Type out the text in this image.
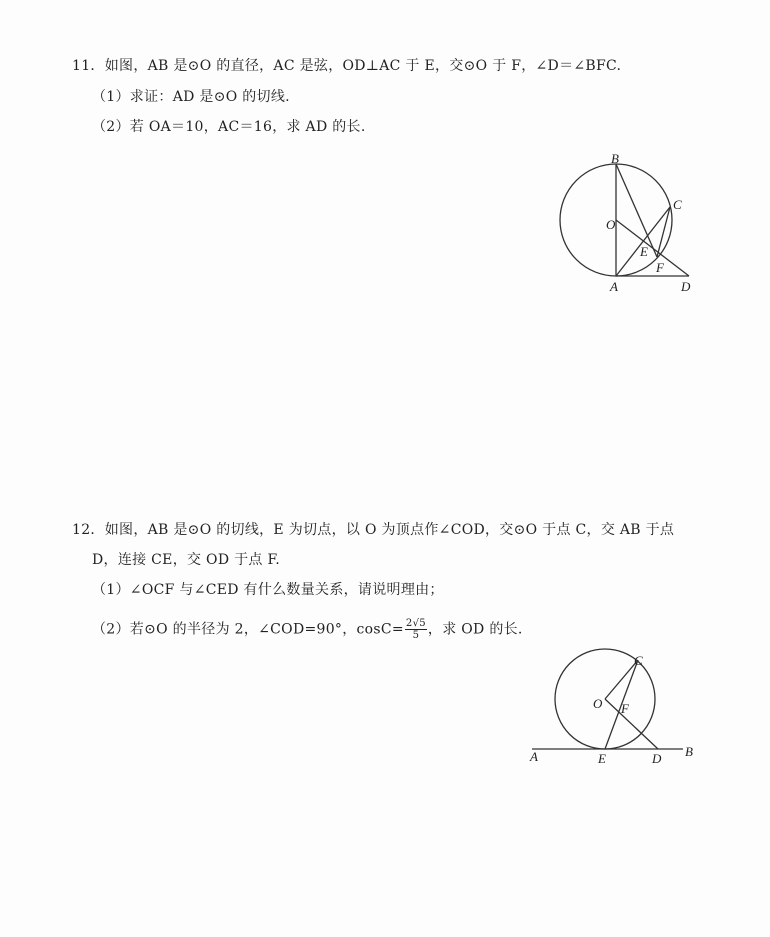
11．如图，AB 是⊙O 的直径，AC 是弦，OD⊥AC 于 E，交⊙O 于 F，∠D＝∠BFC.
（1）求证：AD 是⊙O 的切线.
（2）若 OA＝10，AC＝16，求 AD 的长.
B
C
O
E
F
A	D
12．如图，AB 是⊙O 的切线，E 为切点，以 O 为顶点作∠COD，交⊙O 于点 C，交 AB 于点
D，连接 CE，交 OD 于点 F.
（1）∠OCF 与∠CED 有什么数量关系，请说明理由；
（2）若⊙O 的半径为 2，∠COD=90°，$\cos C= \frac{2√5}{5}$ ，求 OD 的长.
C
O F
A	E	D B
